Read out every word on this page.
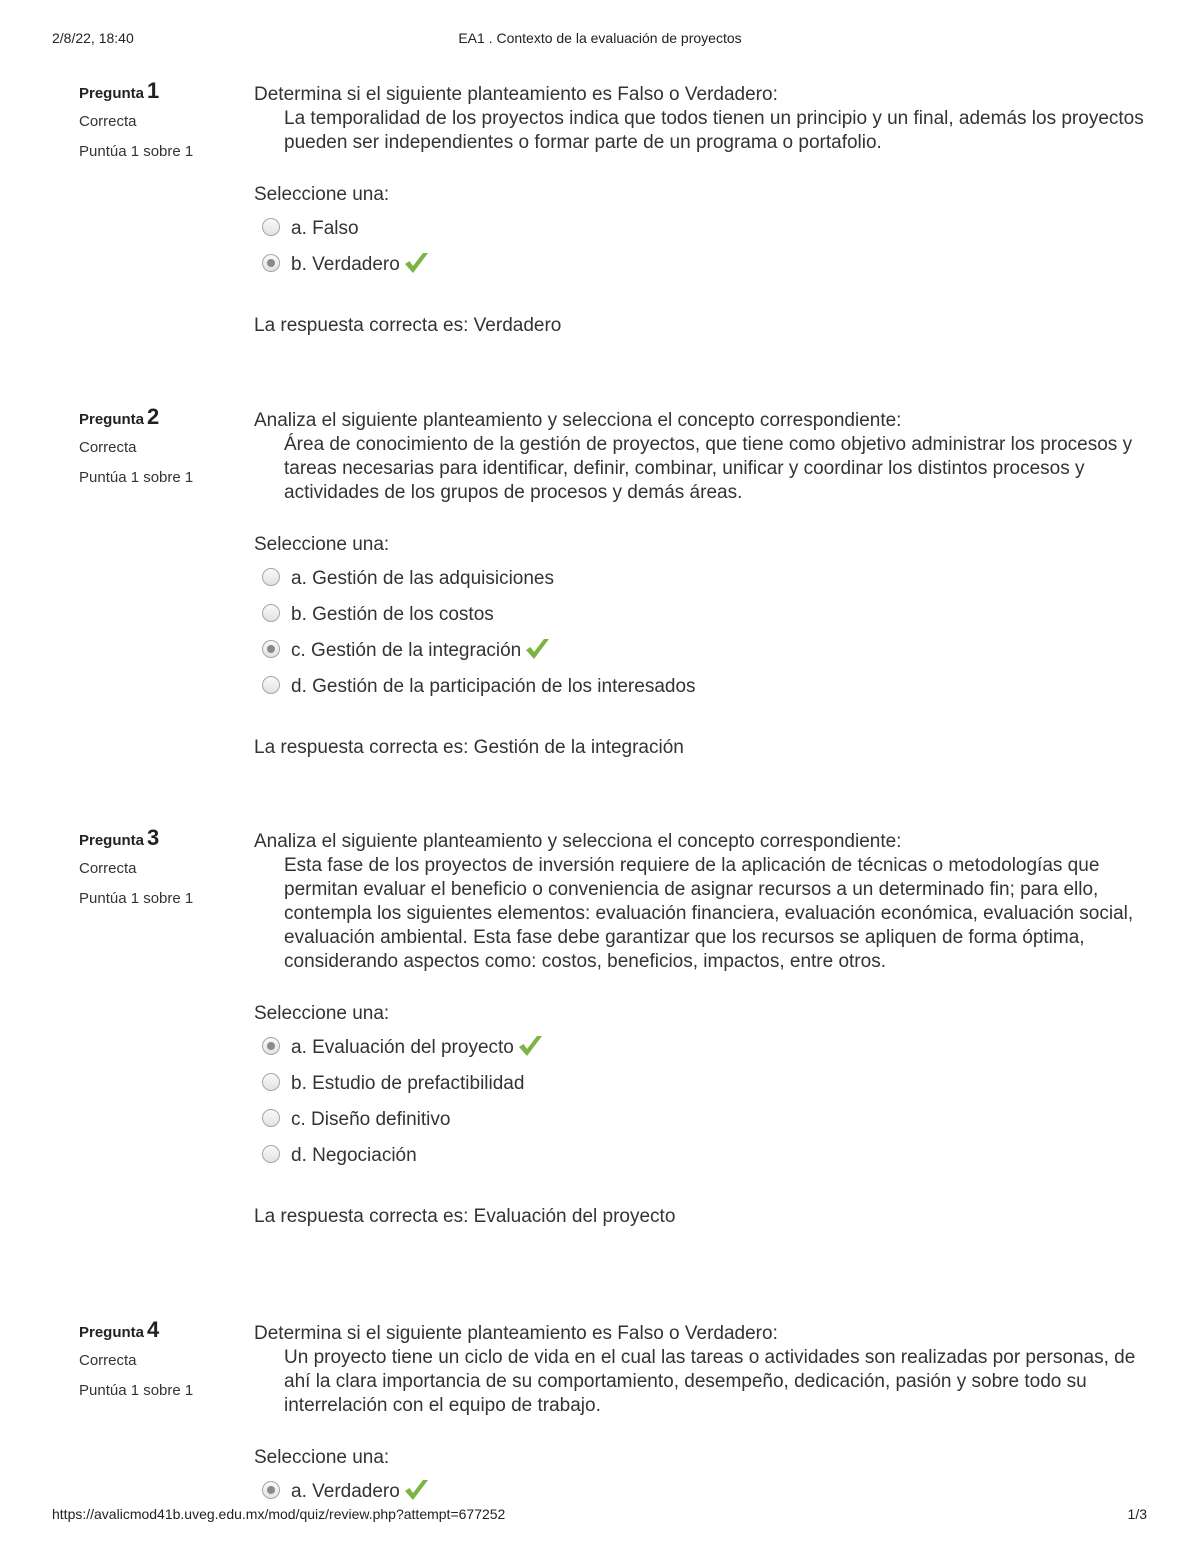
2/8/22, 18:40	EA1 . Contexto de la evaluación de proyectos
Pregunta 1
Correcta
Puntúa 1 sobre 1
Determina si el siguiente planteamiento es Falso o Verdadero:
La temporalidad de los proyectos indica que todos tienen un principio y un final, además los proyectos pueden ser independientes o formar parte de un programa o portafolio.
Seleccione una:
a. Falso
b. Verdadero
La respuesta correcta es: Verdadero
Pregunta 2
Correcta
Puntúa 1 sobre 1
Analiza el siguiente planteamiento y selecciona el concepto correspondiente:
Área de conocimiento de la gestión de proyectos, que tiene como objetivo administrar los procesos y tareas necesarias para identificar, definir, combinar, unificar y coordinar los distintos procesos y actividades de los grupos de procesos y demás áreas.
Seleccione una:
a. Gestión de las adquisiciones
b. Gestión de los costos
c. Gestión de la integración
d. Gestión de la participación de los interesados
La respuesta correcta es: Gestión de la integración
Pregunta 3
Correcta
Puntúa 1 sobre 1
Analiza el siguiente planteamiento y selecciona el concepto correspondiente:
Esta fase de los proyectos de inversión requiere de la aplicación de técnicas o metodologías que permitan evaluar el beneficio o conveniencia de asignar recursos a un determinado fin; para ello, contempla los siguientes elementos: evaluación financiera, evaluación económica, evaluación social, evaluación ambiental. Esta fase debe garantizar que los recursos se apliquen de forma óptima, considerando aspectos como: costos, beneficios, impactos, entre otros.
Seleccione una:
a. Evaluación del proyecto
b. Estudio de prefactibilidad
c. Diseño definitivo
d. Negociación
La respuesta correcta es: Evaluación del proyecto
Pregunta 4
Correcta
Puntúa 1 sobre 1
Determina si el siguiente planteamiento es Falso o Verdadero:
Un proyecto tiene un ciclo de vida en el cual las tareas o actividades son realizadas por personas, de ahí la clara importancia de su comportamiento, desempeño, dedicación, pasión y sobre todo su interrelación con el equipo de trabajo.
Seleccione una:
a. Verdadero
https://avalicmod41b.uveg.edu.mx/mod/quiz/review.php?attempt=677252	1/3
